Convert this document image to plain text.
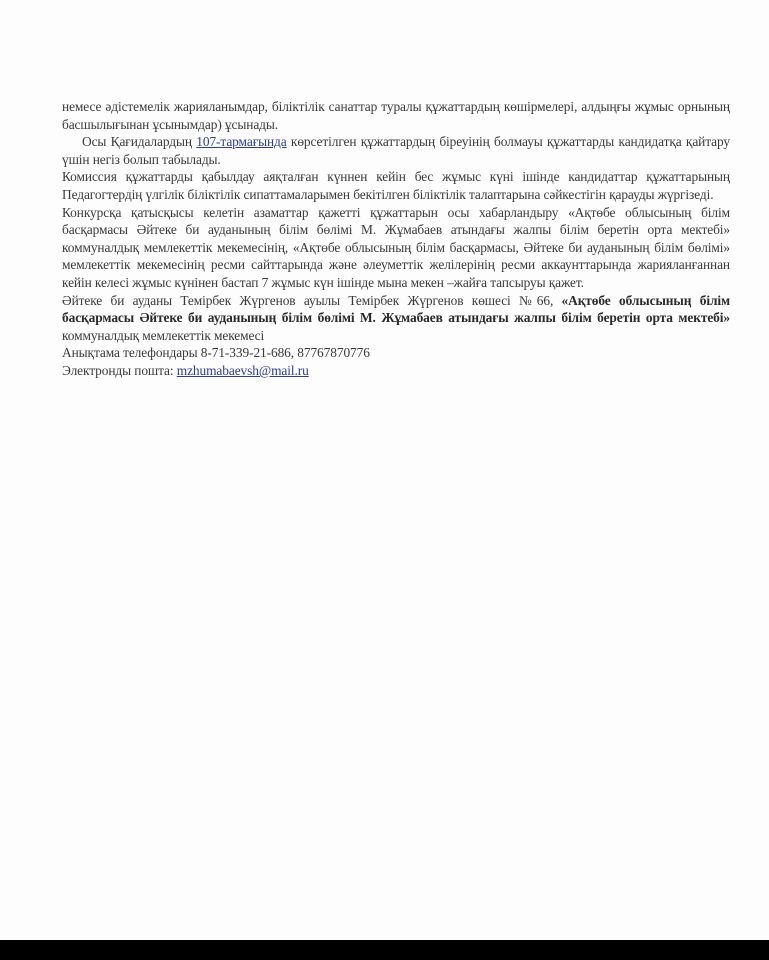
немесе әдістемелік жарияланымдар, біліктілік санаттар туралы құжаттардың көшірмелері, алдыңғы жұмыс орнының басшылығынан ұсынымдар) ұсынады.

Осы Қағидалардың 107-тармағында көрсетілген құжаттардың біреуінің болмауы құжаттарды кандидатқа қайтару үшін негіз болып табылады.

Комиссия құжаттарды қабылдау аяқталған күннен кейін бес жұмыс күні ішінде кандидаттар құжаттарының Педагогтердің үлгілік біліктілік сипаттамаларымен бекітілген біліктілік талаптарына сәйкестігін қарауды жүргізеді.

Конкурсқа қатысқысы келетін азаматтар қажетті құжаттарын осы хабарландыру «Ақтөбе облысының білім басқармасы Әйтеке би ауданының білім бөлімі М. Жұмабаев атындағы жалпы білім беретін орта мектебі» коммуналдық мемлекеттік мекемесінің, «Ақтөбе облысының білім басқармасы, Әйтеке би ауданының білім бөлімі» мемлекеттік мекемесінің ресми сайттарында және әлеуметтік желілерінің ресми аккаунттарында жарияланғаннан кейін келесі жұмыс күнінен бастап 7 жұмыс күн ішінде мына мекен –жайға тапсыруы қажет.

Әйтеке би ауданы Темірбек Жүргенов ауылы Темірбек Жүргенов көшесі №66, «Ақтөбе облысының білім басқармасы Әйтеке би ауданының білім бөлімі М. Жұмабаев атындағы жалпы білім беретін орта мектебі» коммуналдық мемлекеттік мекемесі

Анықтама телефондары 8-71-339-21-686, 87767870776

Электронды пошта: mzhumabaevsh@mail.ru
